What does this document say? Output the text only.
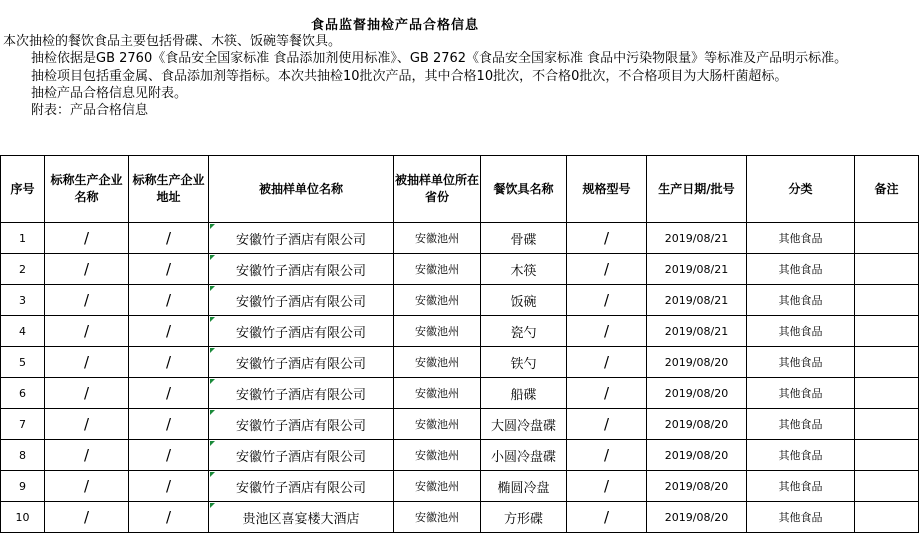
食品监督抽检产品合格信息

本次抽检的餐饮食品主要包括骨碟、木筷、饭碗等餐饮具。

抽检依据是GB 2760《食品安全国家标准 食品添加剂使用标准》、GB 2762《食品安全国家标准 食品中污染物限量》等标准及产品明示标准。

抽检项目包括重金属、食品添加剂等指标。本次共抽检10批次产品，其中合格10批次，不合格0批次，不合格项目为大肠杆菌超标。

抽检产品合格信息见附表。

附表：产品合格信息

序号	标称生产企业名称	标称生产企业地址	被抽样单位名称	被抽样单位所在省份	餐饮具名称	规格型号	生产日期/批号	分类	备注
1	/	/	安徽竹子酒店有限公司	安徽池州	骨碟	/	2019/08/21	其他食品	
2	/	/	安徽竹子酒店有限公司	安徽池州	木筷	/	2019/08/21	其他食品	
3	/	/	安徽竹子酒店有限公司	安徽池州	饭碗	/	2019/08/21	其他食品	
4	/	/	安徽竹子酒店有限公司	安徽池州	瓷勺	/	2019/08/21	其他食品	
5	/	/	安徽竹子酒店有限公司	安徽池州	铁勺	/	2019/08/20	其他食品	
6	/	/	安徽竹子酒店有限公司	安徽池州	船碟	/	2019/08/20	其他食品	
7	/	/	安徽竹子酒店有限公司	安徽池州	大圆冷盘碟	/	2019/08/20	其他食品	
8	/	/	安徽竹子酒店有限公司	安徽池州	小圆冷盘碟	/	2019/08/20	其他食品	
9	/	/	安徽竹子酒店有限公司	安徽池州	椭圆冷盘	/	2019/08/20	其他食品	
10	/	/	贵池区喜宴楼大酒店	安徽池州	方形碟	/	2019/08/20	其他食品	
